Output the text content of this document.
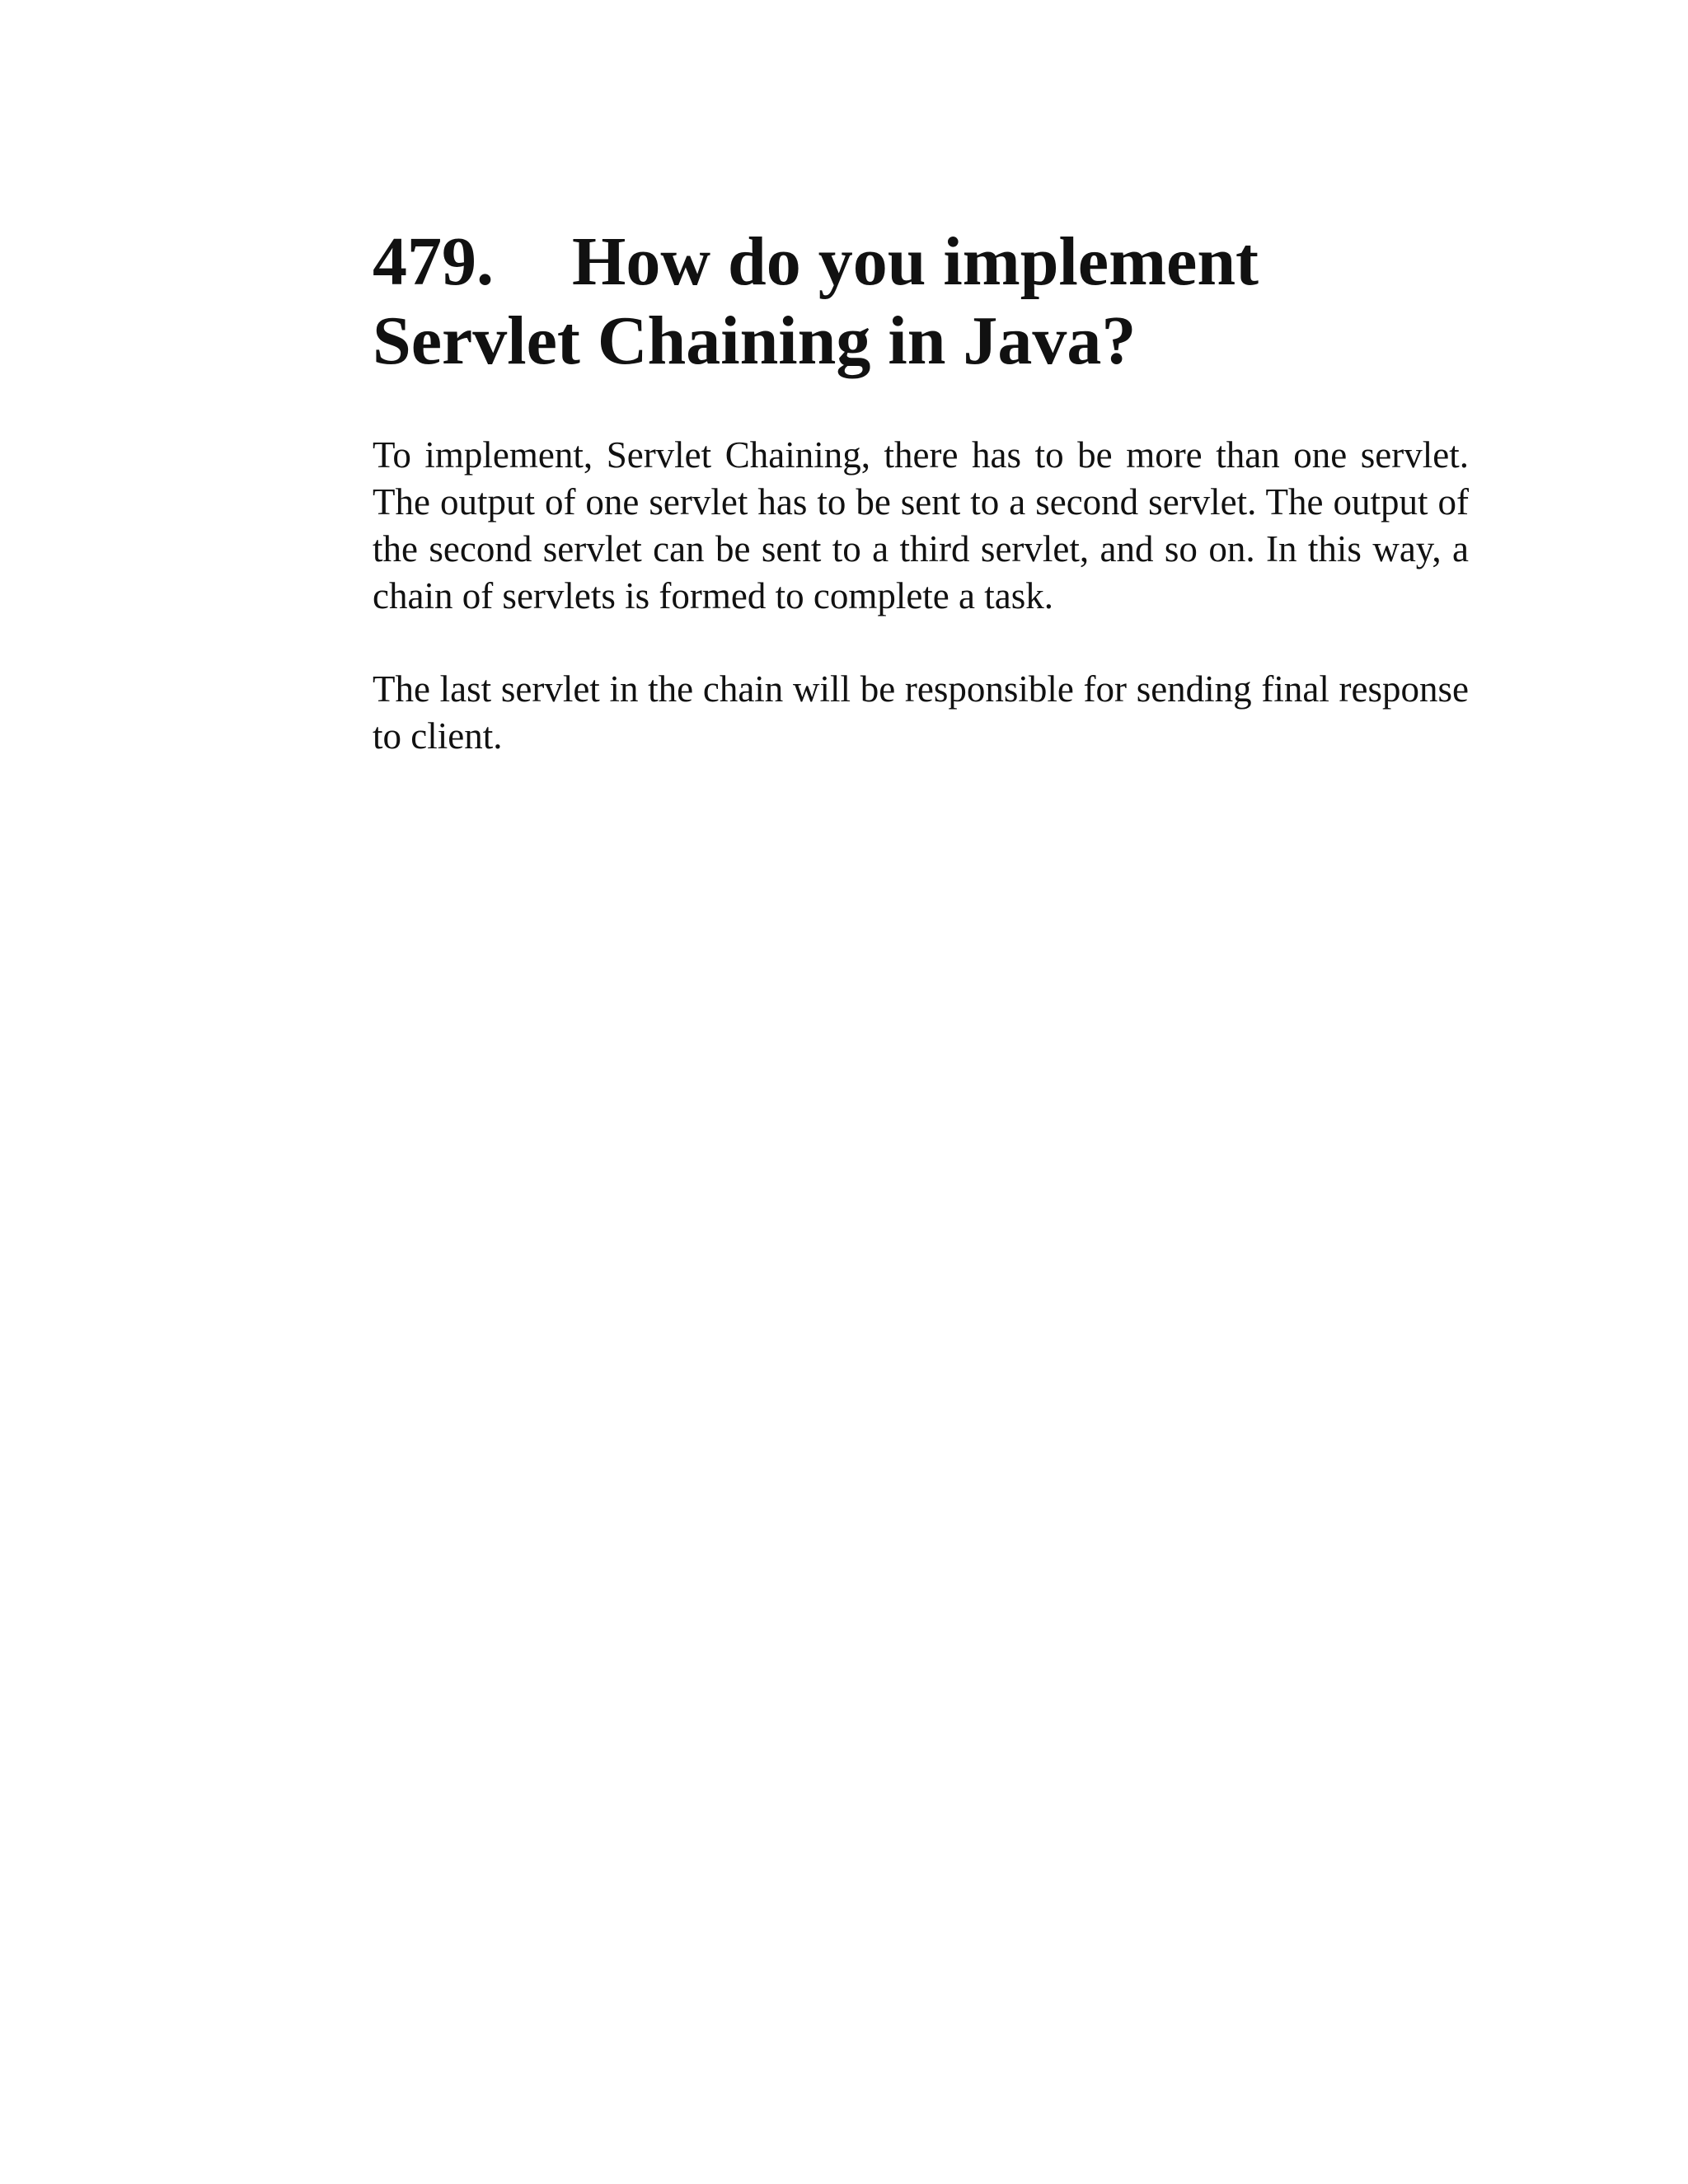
479. How do you implement Servlet Chaining in Java?

To implement, Servlet Chaining, there has to be more than one servlet. The output of one servlet has to be sent to a second servlet. The output of the second servlet can be sent to a third servlet, and so on. In this way, a chain of servlets is formed to complete a task.

The last servlet in the chain will be responsible for sending final response to client.
